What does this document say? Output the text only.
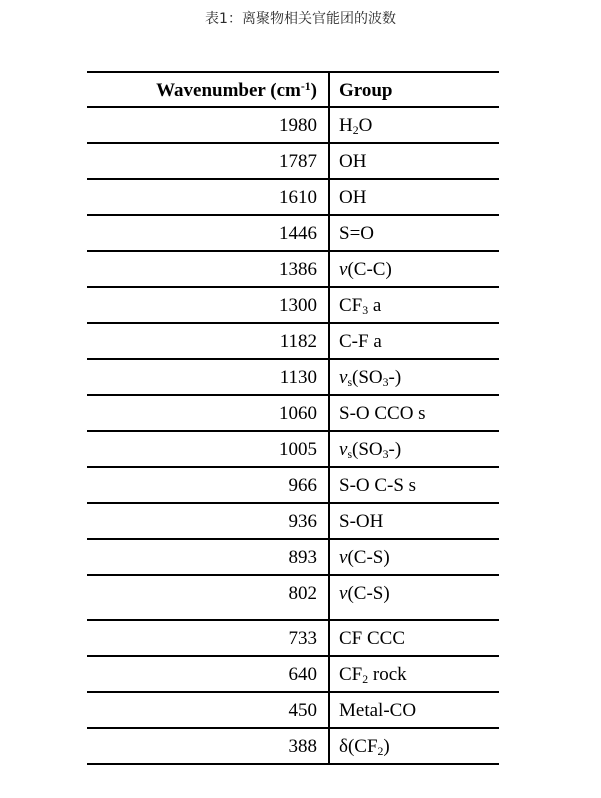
表1：离聚物相关官能团的波数
Wavenumber $(cm^{-1})$	Group
1980	$H_2O$
1787	OH
1610	OH
1446	S=O
1386	v(C-C)
1300	$CF_3$ a
1182	C-F a
1130	$v_s(SO_3-)$
1060	S-O CCO s
1005	$v_s(SO_3-)$
966	S-O C-S s
936	S-OH
893	v(C-S)
802	v(C-S)
733	CF CCC
640	$CF_2$ rock
450	Metal-CO
388	$\delta(CF_2)$
